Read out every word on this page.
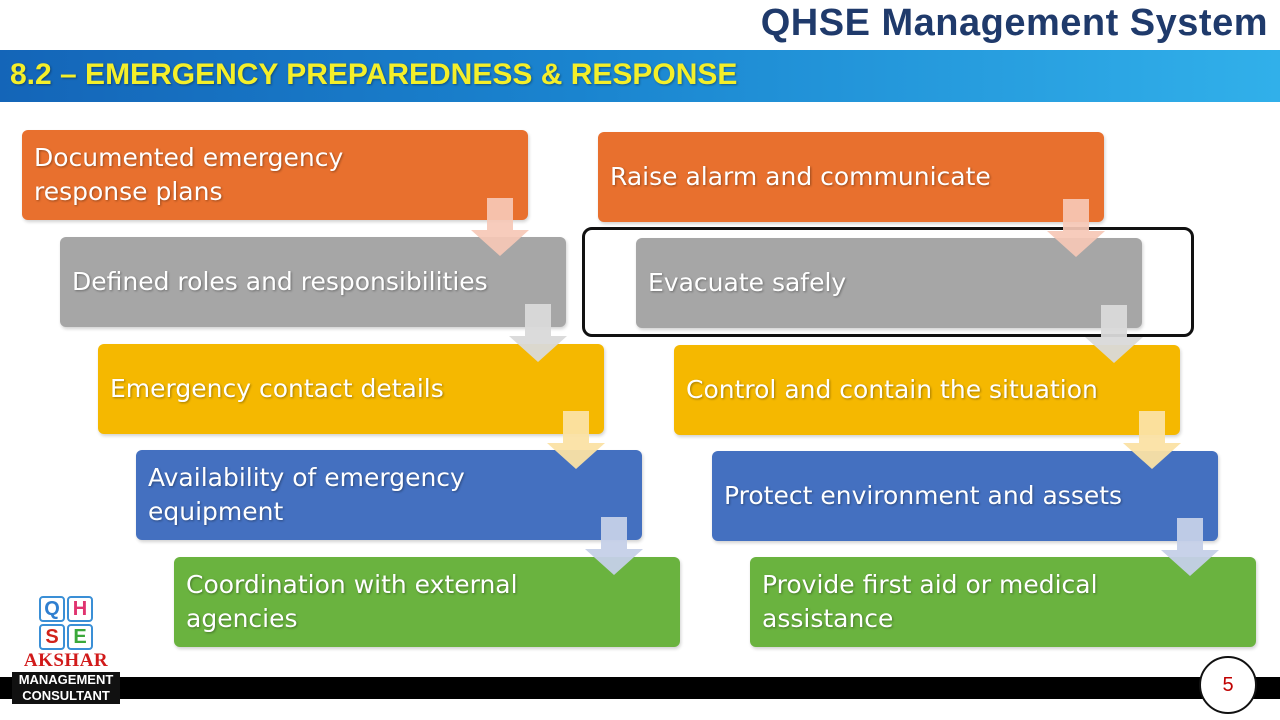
QHSE Management System
8.2 – EMERGENCY PREPAREDNESS & RESPONSE
Documented emergency response plans
Defined roles and responsibilities
Emergency contact details
Availability of emergency equipment
Coordination with external agencies
Raise alarm and communicate
Evacuate safely
Control and contain the situation
Protect environment and assets
Provide first aid or medical assistance
Q H
S E
AKSHAR
MANAGEMENT
CONSULTANT	5
